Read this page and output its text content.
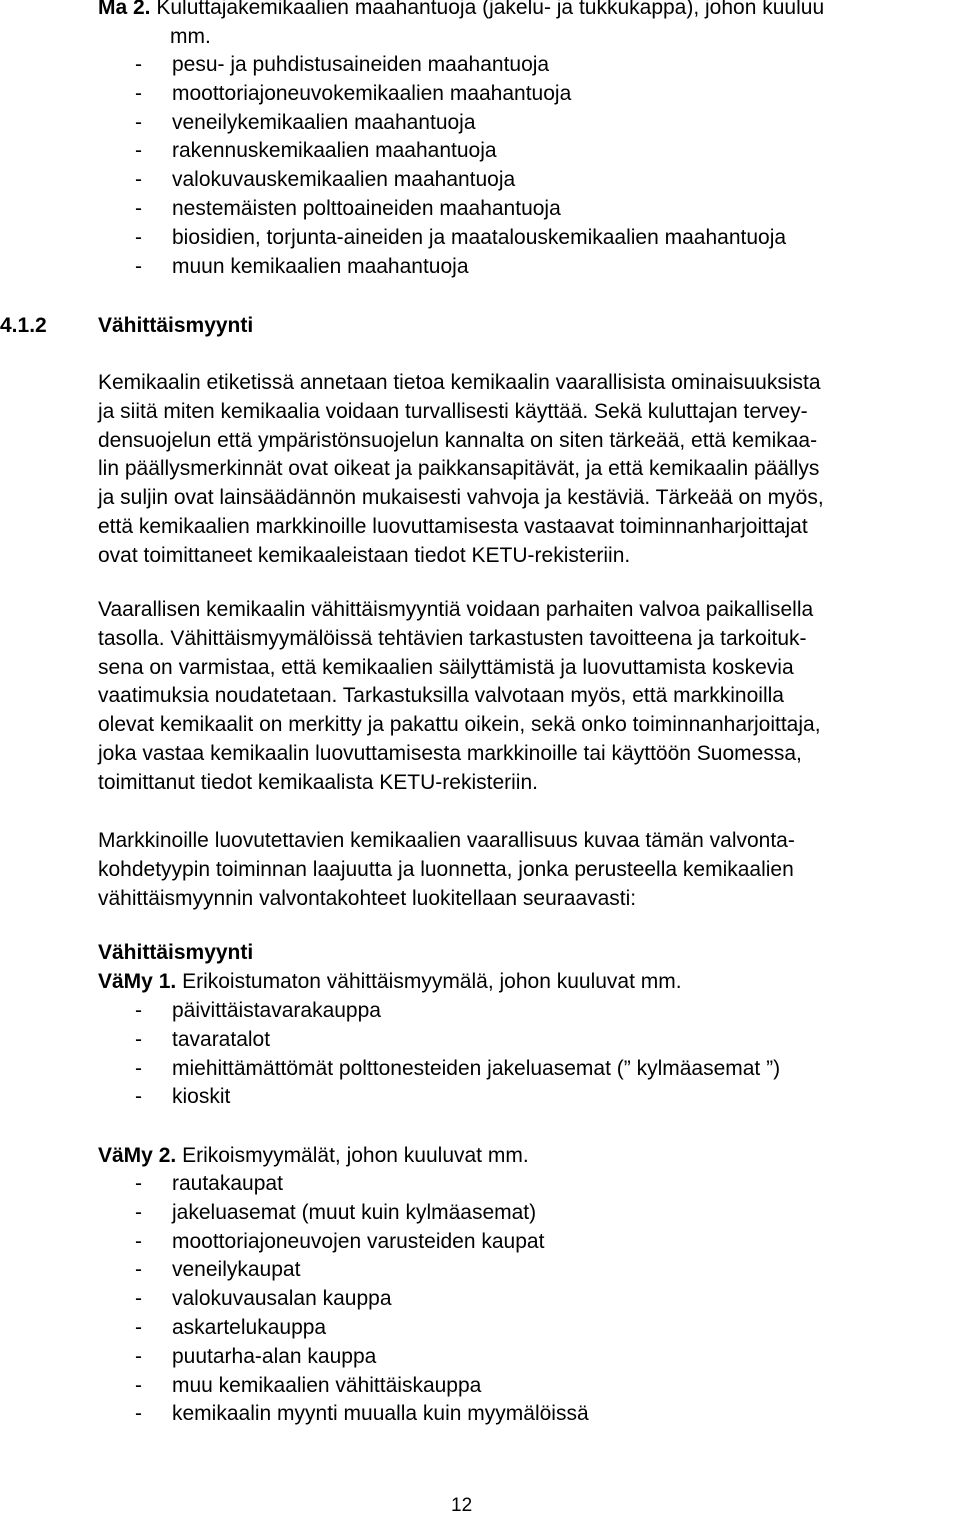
Ma 2. Kuluttajakemikaalien maahantuoja (jakelu- ja tukkukappa), johon kuuluu
mm.
- pesu- ja puhdistusaineiden maahantuoja
- moottoriajoneuvokemikaalien maahantuoja
- veneilykemikaalien maahantuoja
- rakennuskemikaalien maahantuoja
- valokuvauskemikaalien maahantuoja
- nestemäisten polttoaineiden maahantuoja
- biosidien, torjunta-aineiden ja maatalouskemikaalien maahantuoja
- muun kemikaalien maahantuoja
4.1.2 Vähittäismyynti
Kemikaalin etiketissä annetaan tietoa kemikaalin vaarallisista ominaisuuksista
ja siitä miten kemikaalia voidaan turvallisesti käyttää. Sekä kuluttajan tervey-
densuojelun että ympäristönsuojelun kannalta on siten tärkeää, että kemikaa-
lin päällysmerkinnät ovat oikeat ja paikkansapitävät, ja että kemikaalin päällys
ja suljin ovat lainsäädännön mukaisesti vahvoja ja kestäviä. Tärkeää on myös,
että kemikaalien markkinoille luovuttamisesta vastaavat toiminnanharjoittajat
ovat toimittaneet kemikaaleistaan tiedot KETU-rekisteriin.
Vaarallisen kemikaalin vähittäismyyntiä voidaan parhaiten valvoa paikallisella
tasolla. Vähittäismyymälöissä tehtävien tarkastusten tavoitteena ja tarkoituk-
sena on varmistaa, että kemikaalien säilyttämistä ja luovuttamista koskevia
vaatimuksia noudatetaan. Tarkastuksilla valvotaan myös, että markkinoilla
olevat kemikaalit on merkitty ja pakattu oikein, sekä onko toiminnanharjoittaja,
joka vastaa kemikaalin luovuttamisesta markkinoille tai käyttöön Suomessa,
toimittanut tiedot kemikaalista KETU-rekisteriin.
Markkinoille luovutettavien kemikaalien vaarallisuus kuvaa tämän valvonta-
kohdetyypin toiminnan laajuutta ja luonnetta, jonka perusteella kemikaalien
vähittäismyynnin valvontakohteet luokitellaan seuraavasti:
Vähittäismyynti
VäMy 1. Erikoistumaton vähittäismyymälä, johon kuuluvat mm.
- päivittäistavarakauppa
- tavaratalot
- miehittämättömät polttonesteiden jakeluasemat (” kylmäasemat ”)
- kioskit
VäMy 2. Erikoismyymälät, johon kuuluvat mm.
- rautakaupat
- jakeluasemat (muut kuin kylmäasemat)
- moottoriajoneuvojen varusteiden kaupat
- veneilykaupat
- valokuvausalan kauppa
- askartelukauppa
- puutarha-alan kauppa
- muu kemikaalien vähittäiskauppa
- kemikaalin myynti muualla kuin myymälöissä
12
